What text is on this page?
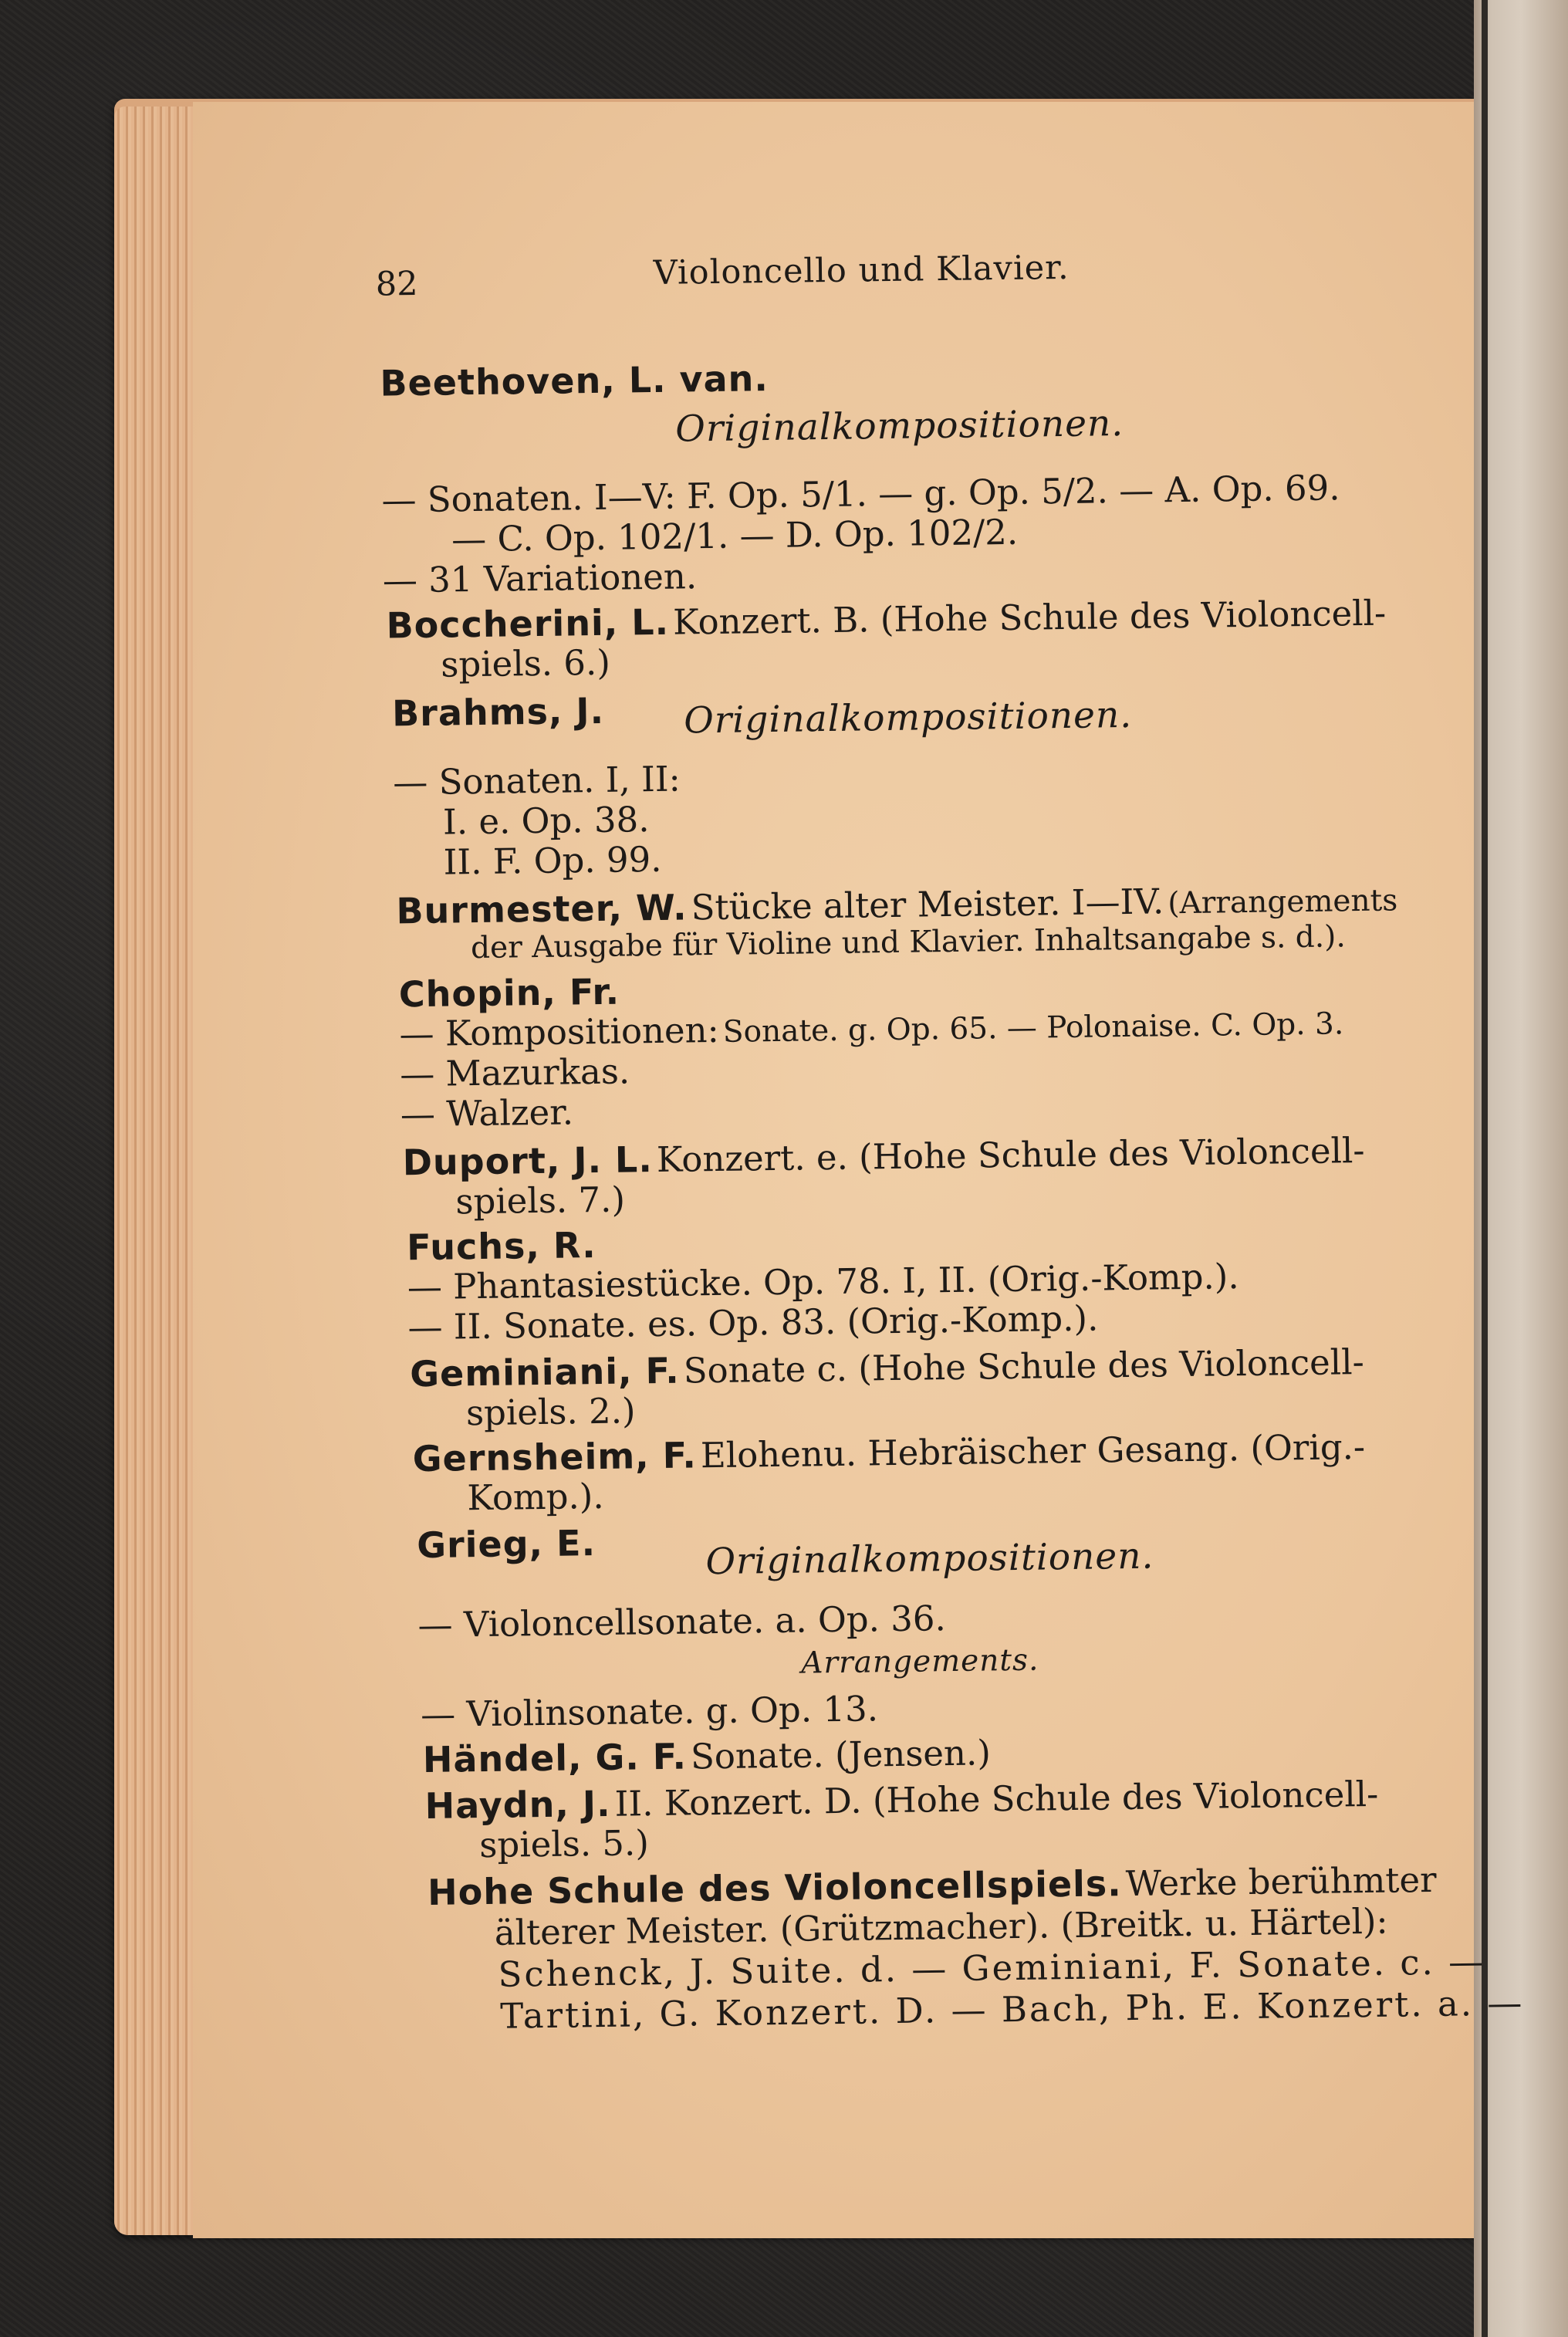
82	Violoncello und Klavier.
Beethoven, L. van.
Originalkompositionen.
— Sonaten. I—V: F. Op. 5/1. — g. Op. 5/2. — A. Op. 69.
— C. Op. 102/1. — D. Op. 102/2.
— 31 Variationen.
Boccherini, L. Konzert. B. (Hohe Schule des Violoncell-
spiels. 6.)
Brahms, J. Originalkompositionen.
— Sonaten. I, II:
I. e. Op. 38.
II. F. Op. 99.
Burmester, W. Stücke alter Meister. I—IV. (Arrangements
der Ausgabe für Violine und Klavier. Inhaltsangabe s. d.).
Chopin, Fr.
— Kompositionen: Sonate. g. Op. 65. — Polonaise. C. Op. 3.
— Mazurkas.
— Walzer.
Duport, J. L. Konzert. e. (Hohe Schule des Violoncell-
spiels. 7.)
Fuchs, R.
— Phantasiestücke. Op. 78. I, II. (Orig.-Komp.).
— II. Sonate. es. Op. 83. (Orig.-Komp.).
Geminiani, F. Sonate c. (Hohe Schule des Violoncell-
spiels. 2.)
Gernsheim, F. Elohenu. Hebräischer Gesang. (Orig.-
Komp.).
Grieg, E.	Originalkompositionen.
— Violoncellsonate. a. Op. 36.
Arrangements.
— Violinsonate. g. Op. 13.
Händel, G. F. Sonate. (Jensen.)
Haydn, J. II. Konzert. D. (Hohe Schule des Violoncell-
spiels. 5.)
Hohe Schule des Violoncellspiels. Werke berühmter
älterer Meister. (Grützmacher). (Breitk. u. Härtel):
Schenck, J. Suite. d. — Geminiani, F. Sonate. c. —
Tartini, G. Konzert. D. — Bach, Ph. E. Konzert. a. —
